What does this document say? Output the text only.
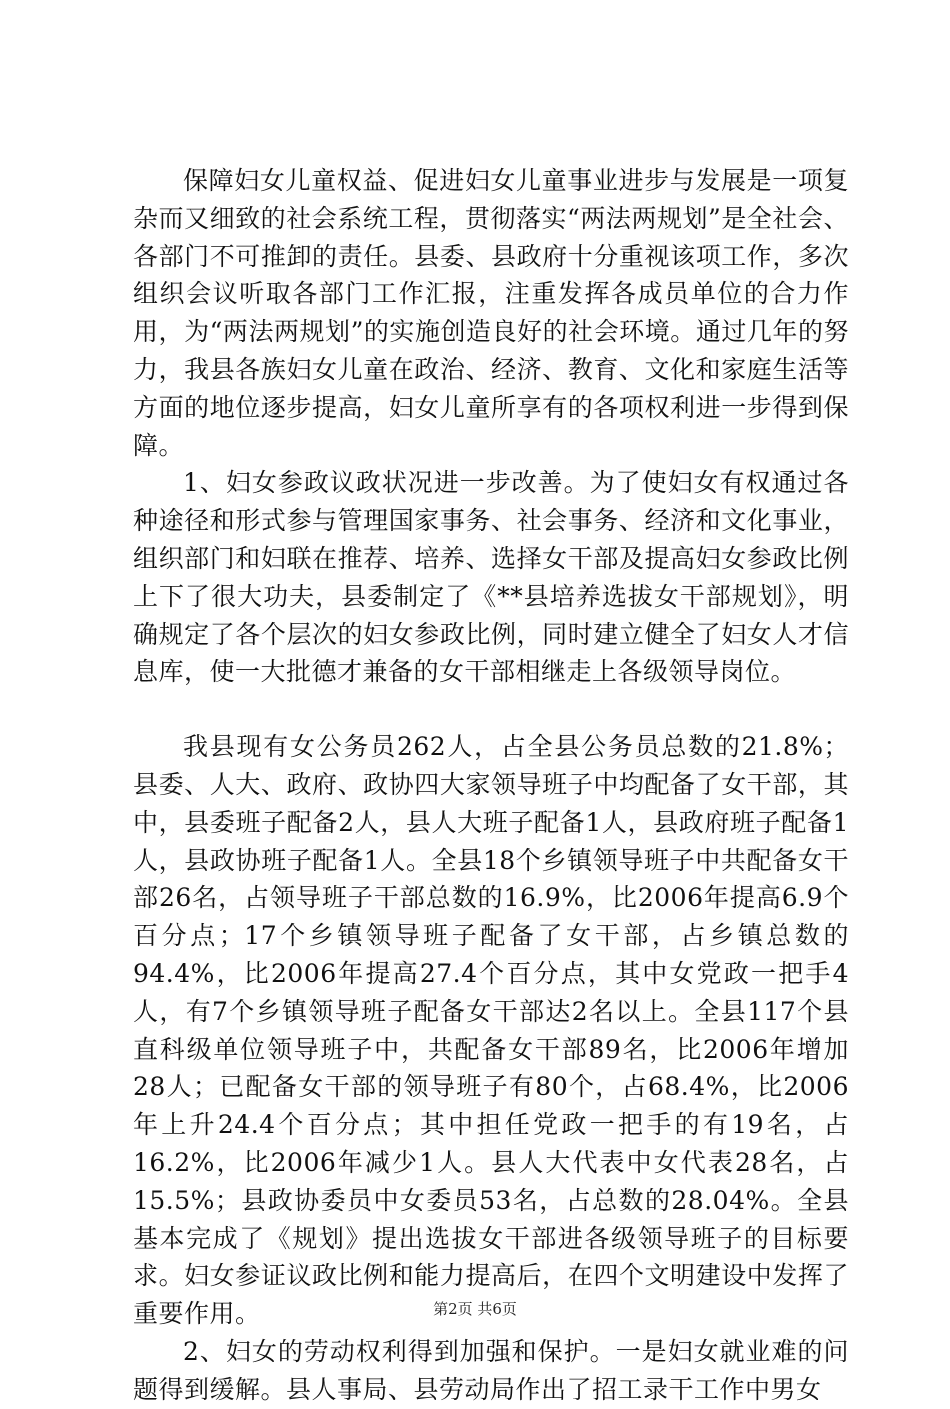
保障妇女儿童权益、促进妇女儿童事业进步与发展是一项复杂而又细致的社会系统工程，贯彻落实“两法两规划”是全社会、各部门不可推卸的责任。县委、县政府十分重视该项工作，多次组织会议听取各部门工作汇报，注重发挥各成员单位的合力作用，为“两法两规划”的实施创造良好的社会环境。通过几年的努力，我县各族妇女儿童在政治、经济、教育、文化和家庭生活等方面的地位逐步提高，妇女儿童所享有的各项权利进一步得到保障。

1、妇女参政议政状况进一步改善。为了使妇女有权通过各种途径和形式参与管理国家事务、社会事务、经济和文化事业，组织部门和妇联在推荐、培养、选择女干部及提高妇女参政比例上下了很大功夫，县委制定了《**县培养选拔女干部规划》，明确规定了各个层次的妇女参政比例，同时建立健全了妇女人才信息库，使一大批德才兼备的女干部相继走上各级领导岗位。

我县现有女公务员262人，占全县公务员总数的21.8%；县委、人大、政府、政协四大家领导班子中均配备了女干部，其中，县委班子配备2人，县人大班子配备1人，县政府班子配备1人，县政协班子配备1人。全县18个乡镇领导班子中共配备女干部26名，占领导班子干部总数的16.9%，比2006年提高6.9个百分点；17个乡镇领导班子配备了女干部，占乡镇总数的94.4%，比2006年提高27.4个百分点，其中女党政一把手4人，有7个乡镇领导班子配备女干部达2名以上。全县117个县直科级单位领导班子中，共配备女干部89名，比2006年增加28人；已配备女干部的领导班子有80个，占68.4%，比2006年上升24.4个百分点；其中担任党政一把手的有19名，占16.2%，比2006年减少1人。县人大代表中女代表28名，占15.5%；县政协委员中女委员53名，占总数的28.04%。全县基本完成了《规划》提出选拔女干部进各级领导班子的目标要求。妇女参证议政比例和能力提高后，在四个文明建设中发挥了重要作用。

2、妇女的劳动权利得到加强和保护。一是妇女就业难的问题得到缓解。县人事局、县劳动局作出了招工录干工作中男女

第2页 共6页
